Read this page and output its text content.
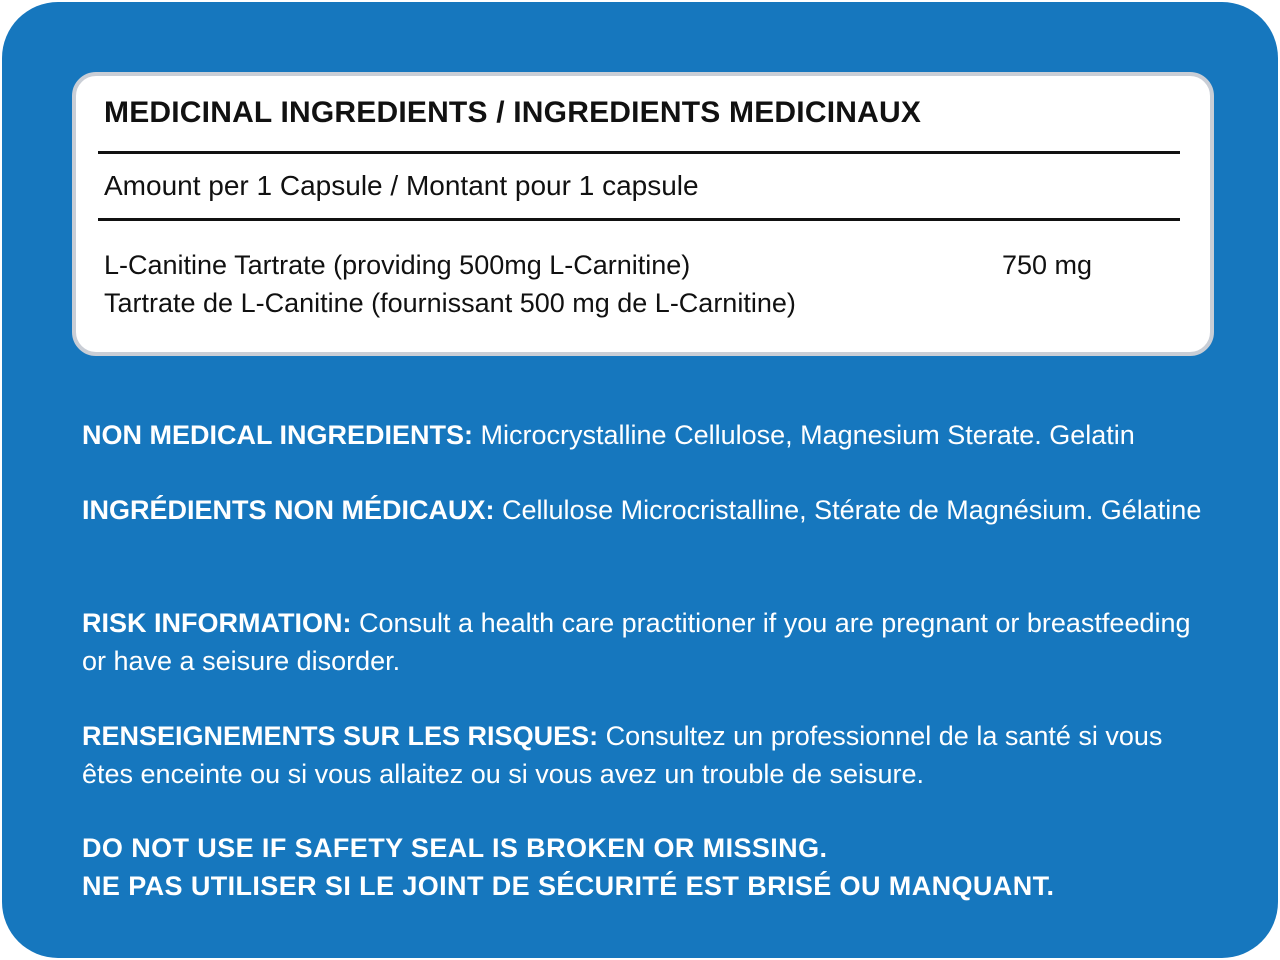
MEDICINAL INGREDIENTS / INGREDIENTS MEDICINAUX
Amount per 1 Capsule / Montant pour 1 capsule
L-Canitine Tartrate (providing 500mg L-Carnitine)
Tartrate de L-Canitine (fournissant 500 mg de L-Carnitine)
750 mg
NON MEDICAL INGREDIENTS: Microcrystalline Cellulose, Magnesium Sterate. Gelatin
INGRÉDIENTS NON MÉDICAUX: Cellulose Microcristalline, Stérate de Magnésium. Gélatine
RISK INFORMATION: Consult a health care practitioner if you are pregnant or breastfeeding or have a seisure disorder.
RENSEIGNEMENTS SUR LES RISQUES: Consultez un professionnel de la santé si vous êtes enceinte ou si vous allaitez ou si vous avez un trouble de seisure.
DO NOT USE IF SAFETY SEAL IS BROKEN OR MISSING.
NE PAS UTILISER SI LE JOINT DE SÉCURITÉ EST BRISÉ OU MANQUANT.
